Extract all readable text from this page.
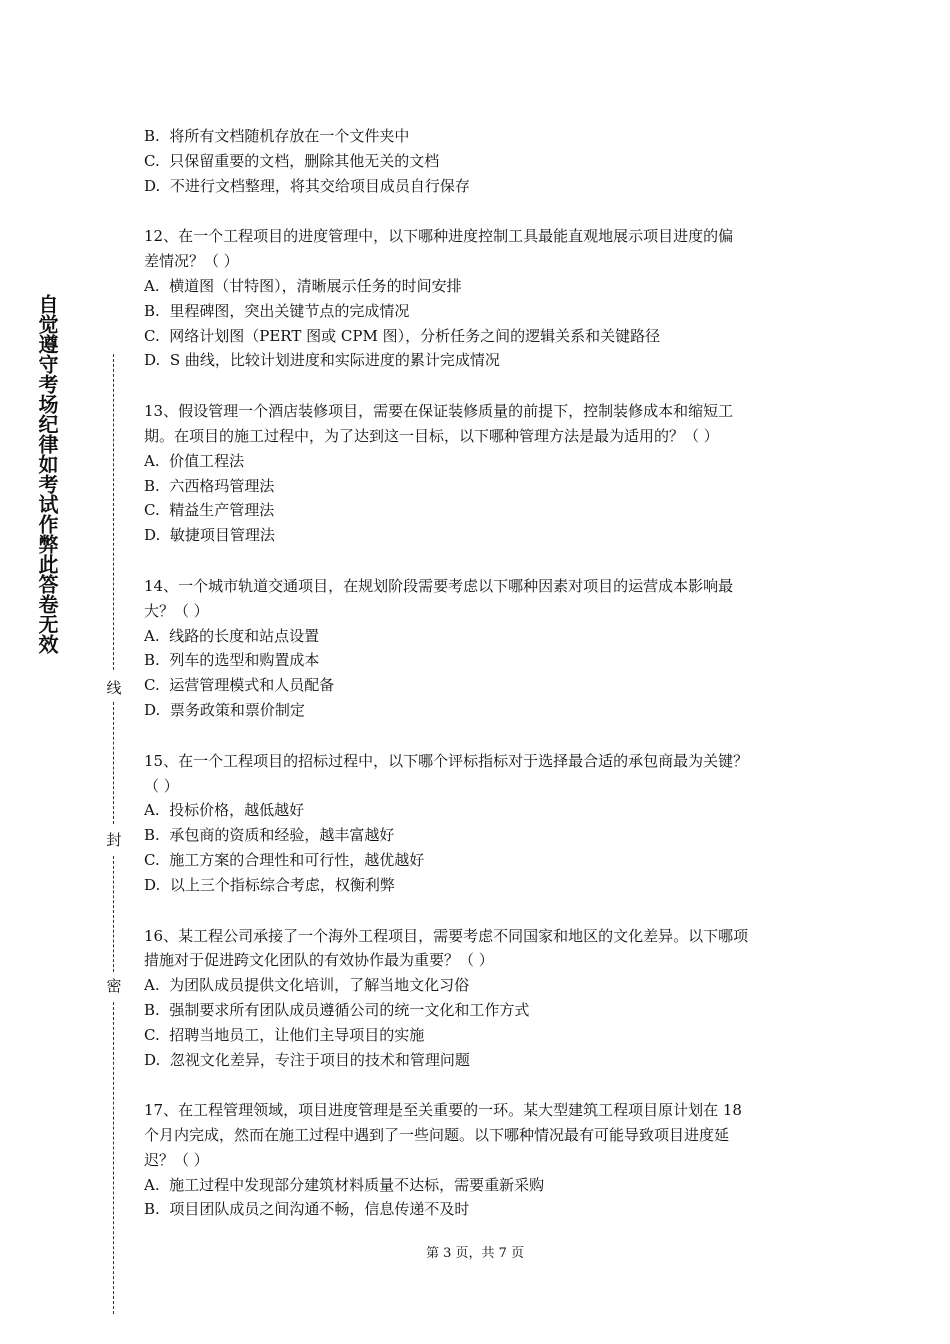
自觉遵守考场纪律如考试作弊此答卷无效
线
封
密
B. 将所有文档随机存放在一个文件夹中
C. 只保留重要的文档，删除其他无关的文档
D. 不进行文档整理，将其交给项目成员自行保存
12、在一个工程项目的进度管理中，以下哪种进度控制工具最能直观地展示项目进度的偏
差情况？（ ）
A. 横道图（甘特图），清晰展示任务的时间安排
B. 里程碑图，突出关键节点的完成情况
C. 网络计划图（PERT 图或 CPM 图），分析任务之间的逻辑关系和关键路径
D. S 曲线，比较计划进度和实际进度的累计完成情况
13、假设管理一个酒店装修项目，需要在保证装修质量的前提下，控制装修成本和缩短工
期。在项目的施工过程中，为了达到这一目标，以下哪种管理方法是最为适用的？（ ）
A. 价值工程法
B. 六西格玛管理法
C. 精益生产管理法
D. 敏捷项目管理法
14、一个城市轨道交通项目，在规划阶段需要考虑以下哪种因素对项目的运营成本影响最
大？（ ）
A. 线路的长度和站点设置
B. 列车的选型和购置成本
C. 运营管理模式和人员配备
D. 票务政策和票价制定
15、在一个工程项目的招标过程中，以下哪个评标指标对于选择最合适的承包商最为关键？
（ ）
A. 投标价格，越低越好
B. 承包商的资质和经验，越丰富越好
C. 施工方案的合理性和可行性，越优越好
D. 以上三个指标综合考虑，权衡利弊
16、某工程公司承接了一个海外工程项目，需要考虑不同国家和地区的文化差异。以下哪项
措施对于促进跨文化团队的有效协作最为重要？（ ）
A. 为团队成员提供文化培训，了解当地文化习俗
B. 强制要求所有团队成员遵循公司的统一文化和工作方式
C. 招聘当地员工，让他们主导项目的实施
D. 忽视文化差异，专注于项目的技术和管理问题
17、在工程管理领域，项目进度管理是至关重要的一环。某大型建筑工程项目原计划在 18
个月内完成，然而在施工过程中遇到了一些问题。以下哪种情况最有可能导致项目进度延
迟？（ ）
A. 施工过程中发现部分建筑材料质量不达标，需要重新采购
B. 项目团队成员之间沟通不畅，信息传递不及时
第 3 页，共 7 页
